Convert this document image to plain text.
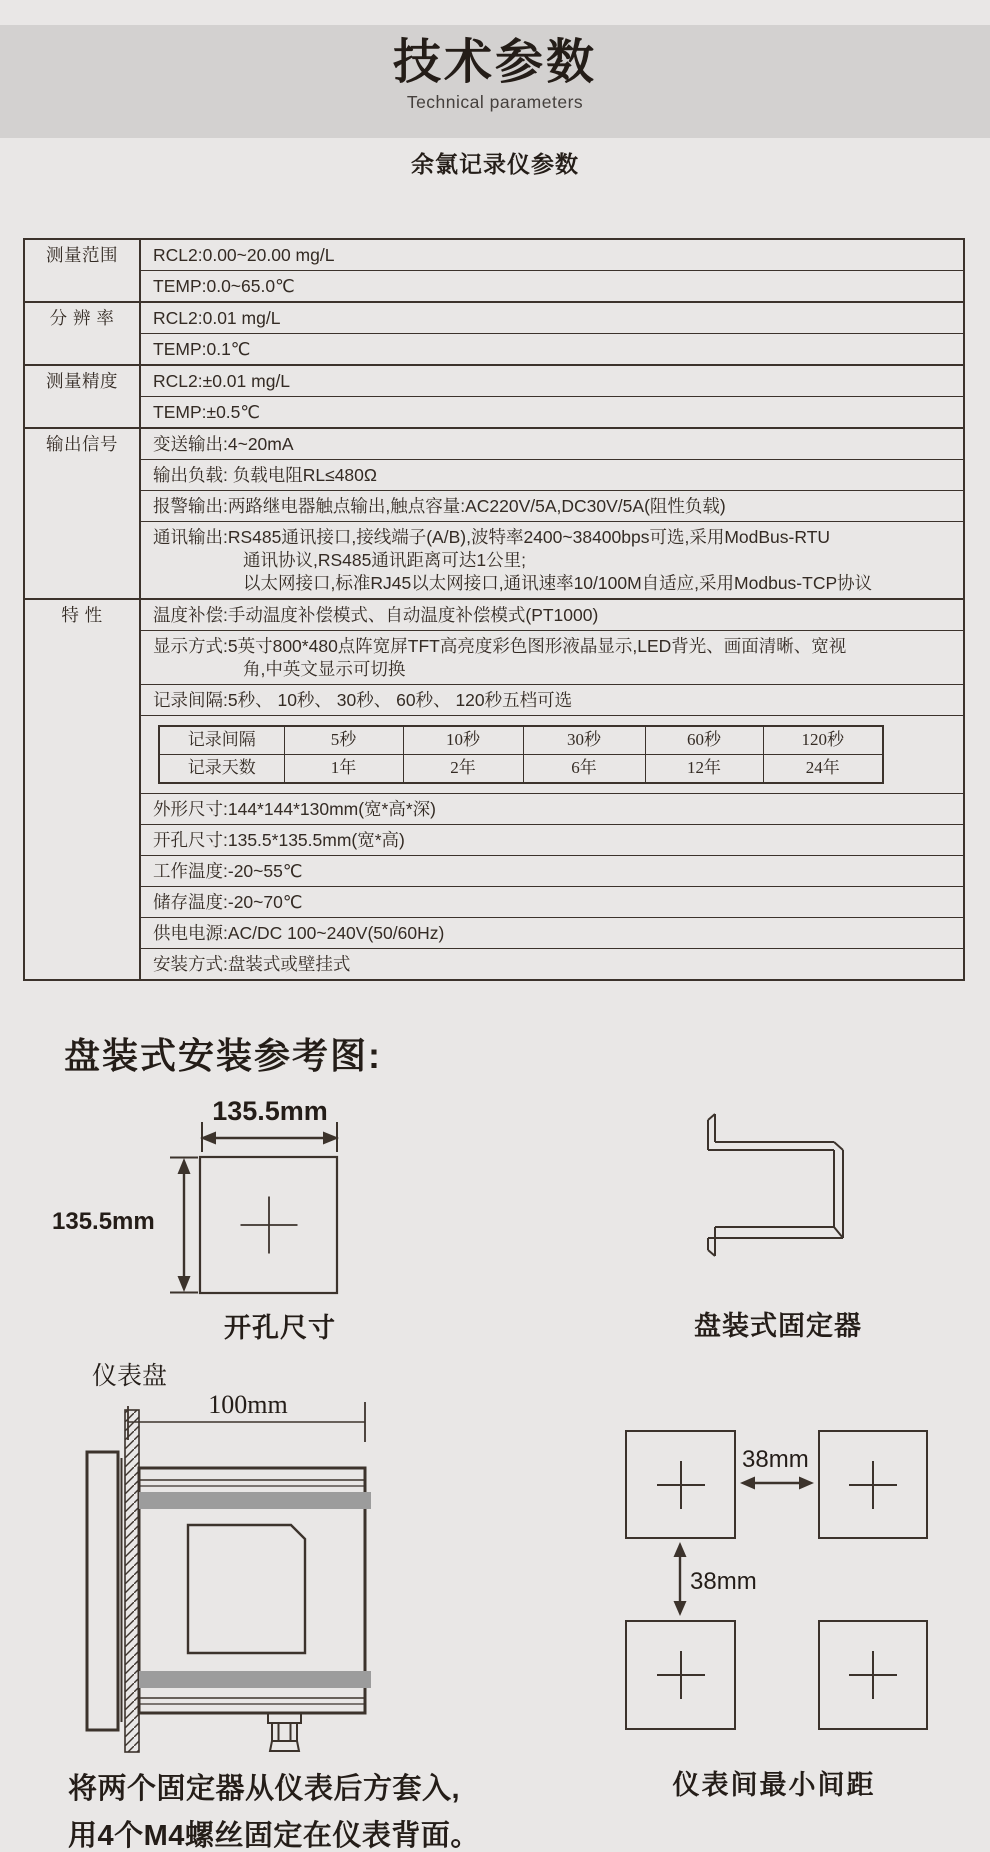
技术参数
Technical parameters
余氯记录仪参数
测量范围	RCL2:0.00~20.00 mg/L

TEMP:0.0~65.0℃

分 辨 率	RCL2:0.01 mg/L

TEMP:0.1℃

测量精度	RCL2:±0.01 mg/L

TEMP:±0.5℃

输出信号	变送输出:4~20mA

输出负载: 负载电阻RL≤480Ω

报警输出:两路继电器触点输出,触点容量:AC220V/5A,DC30V/5A(阻性负载)

通讯输出:RS485通讯接口,接线端子(A/B),波特率2400~38400bps可选,采用ModBus-RTU
通讯协议,RS485通讯距离可达1公里;
以太网接口,标准RJ45以太网接口,通讯速率10/100M自适应,采用Modbus-TCP协议

特 性	温度补偿:手动温度补偿模式、自动温度补偿模式(PT1000)

显示方式:5英寸800*480点阵宽屏TFT高亮度彩色图形液晶显示,LED背光、画面清晰、宽视
角,中英文显示可切换

记录间隔:5秒、 10秒、 30秒、 60秒、 120秒五档可选

记录间隔	5秒	10秒	30秒	60秒	120秒
记录天数	1年	2年	6年	12年	24年

外形尺寸:144*144*130mm(宽*高*深)

开孔尺寸:135.5*135.5mm(宽*高)

工作温度:-20~55℃

储存温度:-20~70℃

供电电源:AC/DC 100~240V(50/60Hz)

安装方式:盘装式或壁挂式
盘装式安装参考图:
135.5mm
135.5mm
开孔尺寸	盘装式固定器
仪表盘
100mm
38mm
38mm
仪表间最小间距
将两个固定器从仪表后方套入,
用4个M4螺丝固定在仪表背面。
